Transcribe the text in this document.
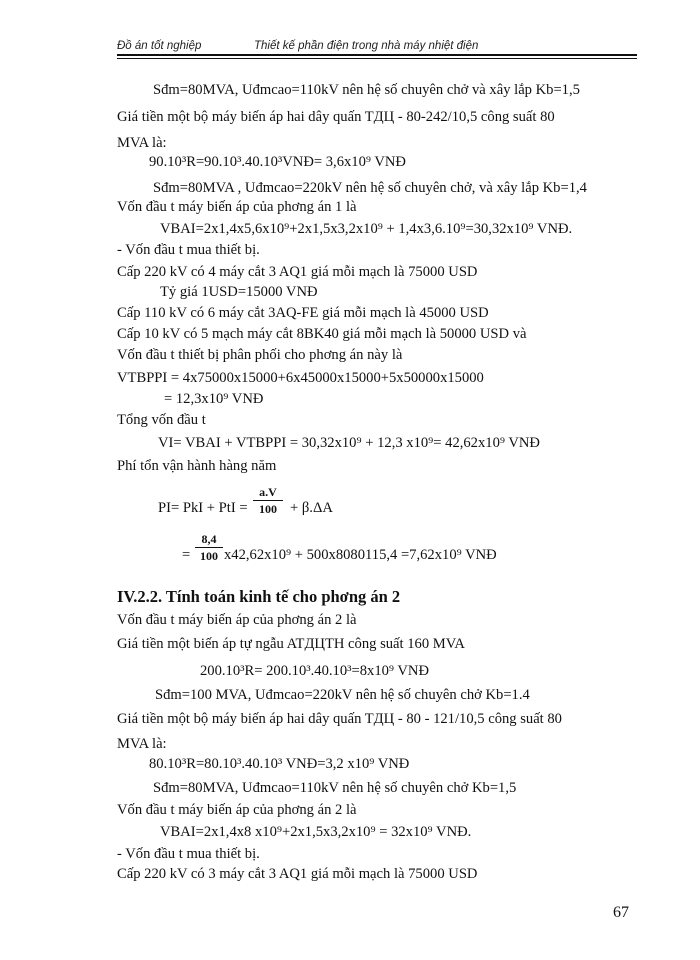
Đồ án tốt nghiệp	Thiết kế phần điện trong nhà máy nhiệt điện
Sđm=80MVA, Uđmcao=110kV nên hệ số chuyên chở và xây lắp Kb=1,5
Giá tiền một bộ máy biến áp hai dây quấn TДЦ - 80-242/10,5 công suất 80
MVA là:
90.10³R=90.10³.40.10³VNĐ= 3,6x10⁹ VNĐ
Sđm=80MVA , Uđmcao=220kV nên hệ số chuyên chở, và xây lắp Kb=1,4
Vốn đầu t máy biến áp của phơng án 1 là
VBAI=2x1,4x5,6x10⁹+2x1,5x3,2x10⁹ + 1,4x3,6.10⁹=30,32x10⁹ VNĐ.
- Vốn đầu t mua thiết bị.
Cấp 220 kV có 4 máy cắt 3 AQ1 giá mỗi mạch là 75000 USD
Tỷ giá 1USD=15000 VNĐ
Cấp 110 kV có 6 máy cắt 3AQ-FE giá mỗi mạch là 45000 USD
Cấp 10 kV có 5 mạch máy cắt 8BK40 giá mỗi mạch là 50000 USD và
Vốn đầu t thiết bị phân phối cho phơng án này là
VTBPPI = 4x75000x15000+6x45000x15000+5x50000x15000
= 12,3x10⁹ VNĐ
Tổng vốn đầu t
VI= VBAI + VTBPPI = 30,32x10⁹ + 12,3 x10⁹= 42,62x10⁹ VNĐ
Phí tổn vận hành hàng năm
PI= PkI + PtI =
a.V
100 + β.ΔA
=
8,4
100 x42,62x10⁹ + 500x8080115,4 =7,62x10⁹ VNĐ
IV.2.2. Tính toán kinh tế cho phơng án 2
Vốn đầu t máy biến áp của phơng án 2 là
Giá tiền một biến áp tự ngẫu ATДЦTH công suất 160 MVA
200.10³R= 200.10³.40.10³=8x10⁹ VNĐ
Sđm=100 MVA, Uđmcao=220kV nên hệ số chuyên chở Kb=1.4
Giá tiền một bộ máy biến áp hai dây quấn TДЦ - 80 - 121/10,5 công suất 80
MVA là:
80.10³R=80.10³.40.10³ VNĐ=3,2 x10⁹ VNĐ
Sđm=80MVA, Uđmcao=110kV nên hệ số chuyên chở Kb=1,5
Vốn đầu t máy biến áp của phơng án 2 là
VBAI=2x1,4x8 x10⁹+2x1,5x3,2x10⁹ = 32x10⁹ VNĐ.
- Vốn đầu t mua thiết bị.
Cấp 220 kV có 3 máy cắt 3 AQ1 giá mỗi mạch là 75000 USD
67
